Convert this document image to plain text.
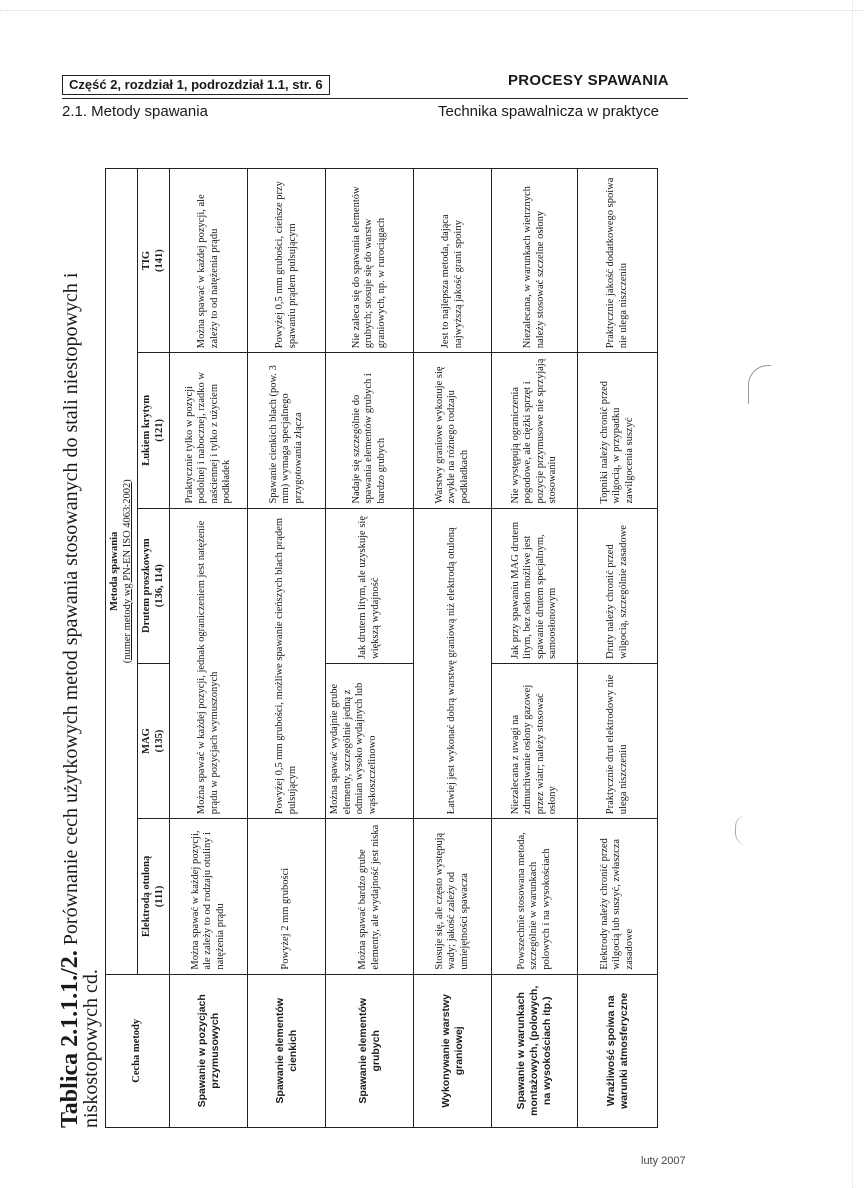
Część 2, rozdział 1, podrozdział 1.1, str. 6	PROCESY SPAWANIA
2.1. Metody spawania	Technika spawalnicza w praktyce
Tablica 2.1.1.1./2. Porównanie cech użytkowych metod spawania stosowanych do stali niestopowych i niskostopowych cd.	Cecha metody	Metoda spawania (numer metody wg PN-EN ISO 4063:2002)				

	Elektrodą otuloną (111)	MAG (135)	Drutem proszkowym (136, 114)	Łukiem krytym (121)	TIG (141)

Spawanie w pozycjach przymusowych	Można spawać w każdej pozycji, ale zależy to od rodzaju otuliny i natężenia prądu	Można spawać w każdej pozycji, jednak ograniczeniem jest natężenie prądu w pozycjach wymuszonych		Praktycznie tylko w pozycji podolnej i nabocznej, rzadko w naściennej i tylko z użyciem podkładek	Można spawać w każdej pozycji, ale zależy to od natężenia prądu
Spawanie elementów cienkich	Powyżej 2 mm grubości	Powyżej 0,5 mm grubości, możliwe spawanie cieńszych blach prądem pulsującym		Spawanie cienkich blach (pow. 3 mm) wymaga specjalnego przygotowania złącza	Powyżej 0,5 mm grubości, cieńsze przy spawaniu prądem pulsującym
Spawanie elementów grubych	Można spawać bardzo grube elementy, ale wydajność jest niska	Można spawać wydajnie grube elementy, szczególnie jedną z odmian wysoko wydajnych lub wąskoszczelinowo	Jak drutem litym, ale uzyskuje się większą wydajność	Nadaje się szczególnie do spawania elementów grubych i bardzo grubych	Nie zaleca się do spawania elementów grubych; stosuje się do warstw graniowych, np. w rurociągach
Wykonywanie warstwy graniowej	Stosuje się, ale często występują wady; jakość zależy od umiejętności spawacza	Łatwiej jest wykonać dobrą warstwę graniową niż elektrodą otuloną		Warstwy graniowe wykonuje się zwykle na różnego rodzaju podkładkach	Jest to najlepsza metoda, dająca najwyższą jakość grani spoiny
Spawanie w warunkach montażowych, (polowych, na wysokościach itp.)	Powszechnie stosowana metoda, szczególnie w warunkach polowych i na wysokościach	Niezalecana z uwagi na zdmuchiwanie osłony gazowej przez wiatr; należy stosować osłony	Jak przy spawaniu MAG drutem litym, bez osłon możliwe jest spawanie drutem specjalnym, samoosłonowym	Nie występują ograniczenia pogodowe, ale ciężki sprzęt i pozycje przymusowe nie sprzyjają stosowaniu	Niezalecana, w warunkach wietrznych należy stosować szczelne osłony
Wrażliwość spoiwa na warunki atmosferyczne	Elektrody należy chronić przed wilgocią lub suszyć, zwłaszcza zasadowe	Praktycznie drut elektrodowy nie ulega niszczeniu	Druty należy chronić przed wilgocią, szczególnie zasadowe	Topniki należy chronić przed wilgocią, w przypadku zawilgocenia suszyć	Praktycznie jakość dodatkowego spoiwa nie ulega niszczeniu
luty 2007
